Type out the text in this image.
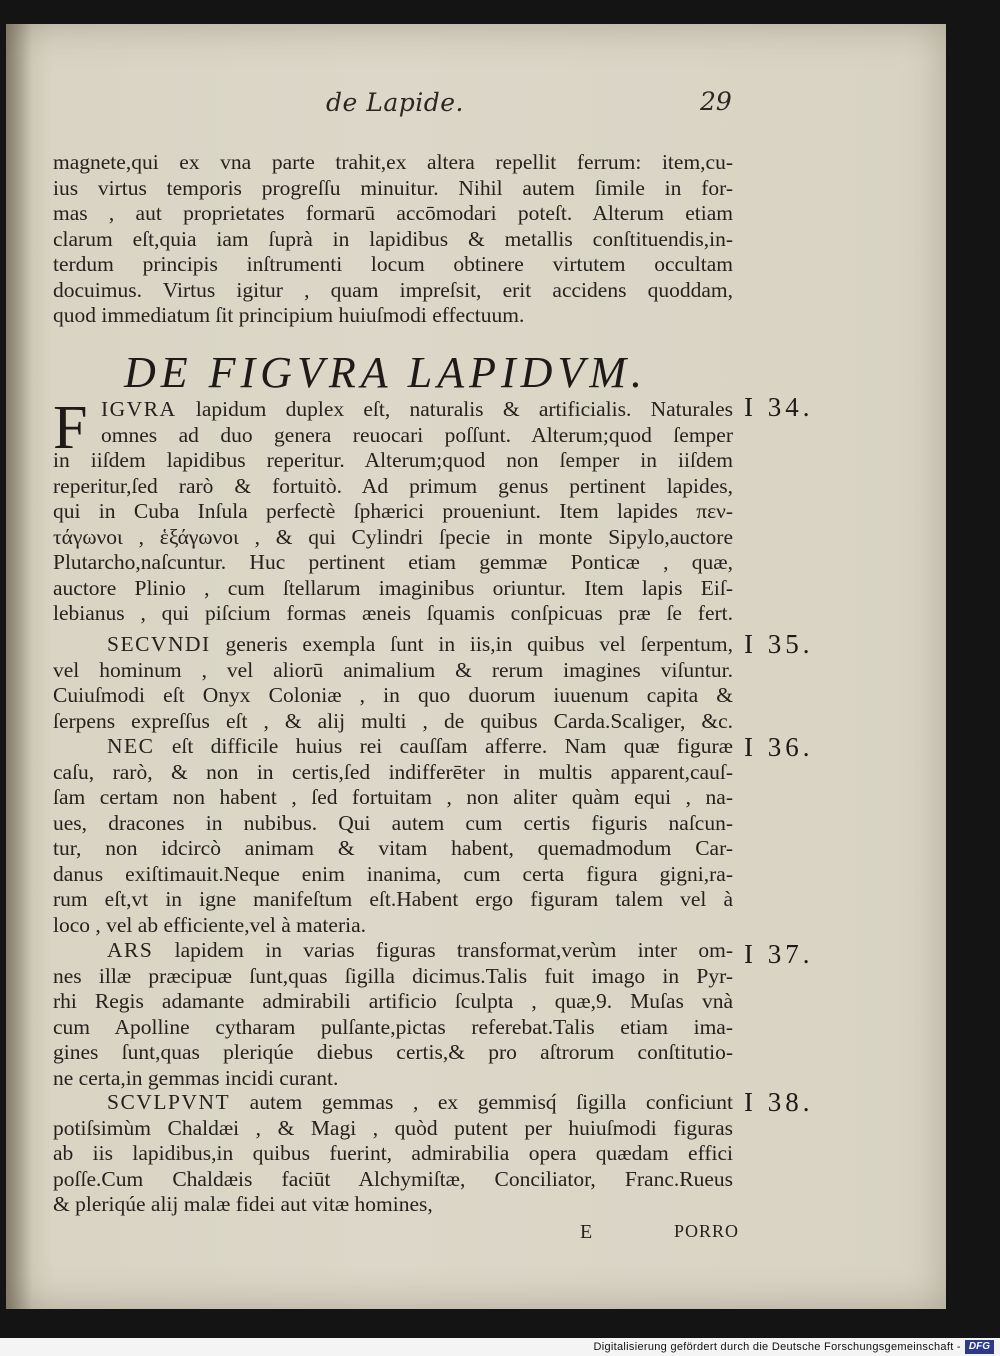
de Lapide.	29
magnete,qui ex vna parte trahit,ex altera repellit ferrum: item,cu-
ius virtus temporis progreſſu minuitur. Nihil autem ſimile in for-
mas , aut proprietates formarū accōmodari poteſt. Alterum etiam
clarum eſt,quia iam ſuprà in lapidibus & metallis conſtituendis,in-
terdum principis inſtrumenti locum obtinere virtutem occultam
docuimus. Virtus igitur , quam impreſsit, erit accidens quoddam,
quod immediatum ſit principium huiuſmodi effectuum.
DE FIGVRA LAPIDVM.
F IGVRA lapidum duplex eſt, naturalis & artificialis. Naturales
omnes ad duo genera reuocari poſſunt. Alterum;quod ſemper
in iiſdem lapidibus reperitur. Alterum;quod non ſemper in iiſdem
reperitur,ſed rarò & fortuitò. Ad primum genus pertinent lapides,
qui in Cuba Inſula perfectè ſphærici proueniunt. Item lapides πεν-
τάγωνοι , ἑξάγωνοι , & qui Cylindri ſpecie in monte Sipylo,auctore
Plutarcho,naſcuntur. Huc pertinent etiam gemmæ Ponticæ , quæ,
auctore Plinio , cum ſtellarum imaginibus oriuntur. Item lapis Eiſ-
lebianus , qui piſcium formas æneis ſquamis conſpicuas præ ſe fert.
SECVNDI generis exempla ſunt in iis,in quibus vel ſerpentum,
vel hominum , vel aliorū animalium & rerum imagines viſuntur.
Cuiuſmodi eſt Onyx Coloniæ , in quo duorum iuuenum capita &
ſerpens expreſſus eſt , & alij multi , de quibus Carda.Scaliger, &c.
NEC eſt difficile huius rei cauſſam afferre. Nam quæ figuræ
caſu, rarò, & non in certis,ſed indifferēter in multis apparent,cauſ-
ſam certam non habent , ſed fortuitam , non aliter quàm equi , na-
ues, dracones in nubibus. Qui autem cum certis figuris naſcun-
tur, non idcircò animam & vitam habent, quemadmodum Car-
danus exiſtimauit.Neque enim inanima, cum certa figura gigni,ra-
rum eſt,vt in igne manifeſtum eſt.Habent ergo figuram talem vel à
loco , vel ab efficiente,vel à materia.
ARS lapidem in varias figuras transformat,verùm inter om-
nes illæ præcipuæ ſunt,quas ſigilla dicimus.Talis fuit imago in Pyr-
rhi Regis adamante admirabili artificio ſculpta , quæ,9. Muſas vnà
cum Apolline cytharam pulſante,pictas referebat.Talis etiam ima-
gines ſunt,quas pleriqúe diebus certis,& pro aſtrorum conſtitutio-
ne certa,in gemmas incidi curant.
SCVLPVNT autem gemmas , ex gemmisq́ ſigilla conficiunt
potiſsimùm Chaldæi , & Magi , quòd putent per huiuſmodi figuras
ab iis lapidibus,in quibus fuerint, admirabilia opera quædam effici
poſſe.Cum Chaldæis faciūt Alchymiſtæ, Conciliator, Franc.Rueus
& pleriqúe alij malæ fidei aut vitæ homines,
I 34.
I 35.
I 36.
I 37.
I 38.
E	PORRO
Digitalisierung gefördert durch die Deutsche Forschungsgemeinschaft - DFG
